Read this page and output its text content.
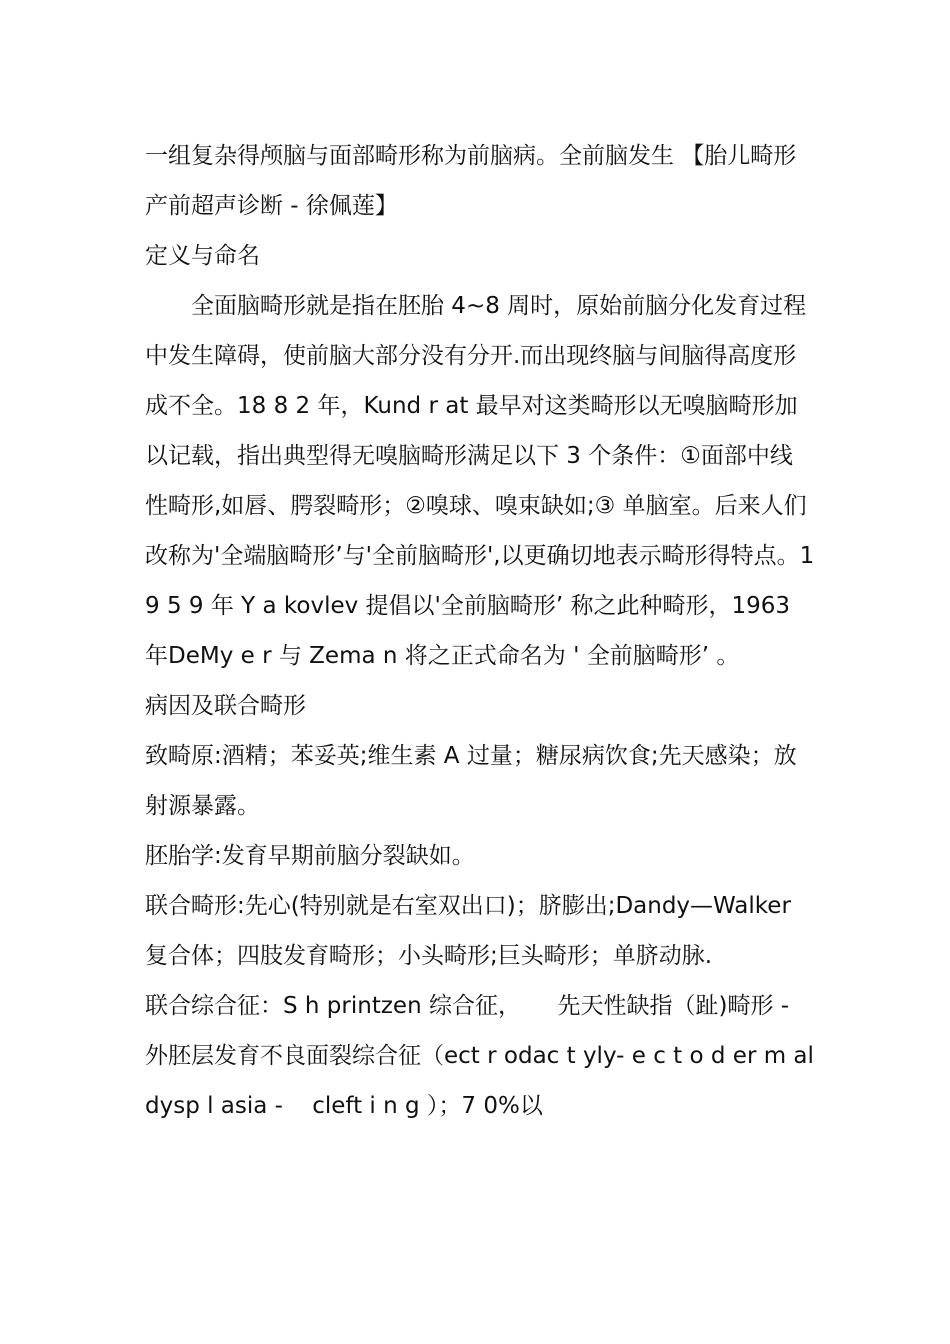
一组复杂得颅脑与面部畸形称为前脑病。全前脑发生 【胎儿畸形产前超声诊断 - 徐佩莲】

定义与命名

全面脑畸形就是指在胚胎 4~8 周时，原始前脑分化发育过程中发生障碍，使前脑大部分没有分开.而出现终脑与间脑得高度形成不全。18 8 2 年，Kund r at 最早对这类畸形以无嗅脑畸形加以记载，指出典型得无嗅脑畸形满足以下 3 个条件：①面部中线性畸形,如唇、腭裂畸形；②嗅球、嗅束缺如;③ 单脑室。后来人们改称为'全端脑畸形’与'全前脑畸形',以更确切地表示畸形得特点。1 9 5 9 年 Y a kovlev 提倡以'全前脑畸形’ 称之此种畸形，1963 年DeMy e r 与 Zema n 将之正式命名为 ' 全前脑畸形’ 。

病因及联合畸形

致畸原:酒精；苯妥英;维生素 A 过量；糖尿病饮食;先天感染；放射源暴露。

胚胎学:发育早期前脑分裂缺如。

联合畸形:先心(特别就是右室双出口)；脐膨出;Dandy—Walker 复合体；四肢发育畸形；小头畸形;巨头畸形；单脐动脉.

联合综合征：S h printzen 综合征，     先天性缺指（趾)畸形 - 外胚层发育不良面裂综合征（ect r odac t yly- e c t o d er m al dysp l asia -    cleft i n g ）；7 0%以
